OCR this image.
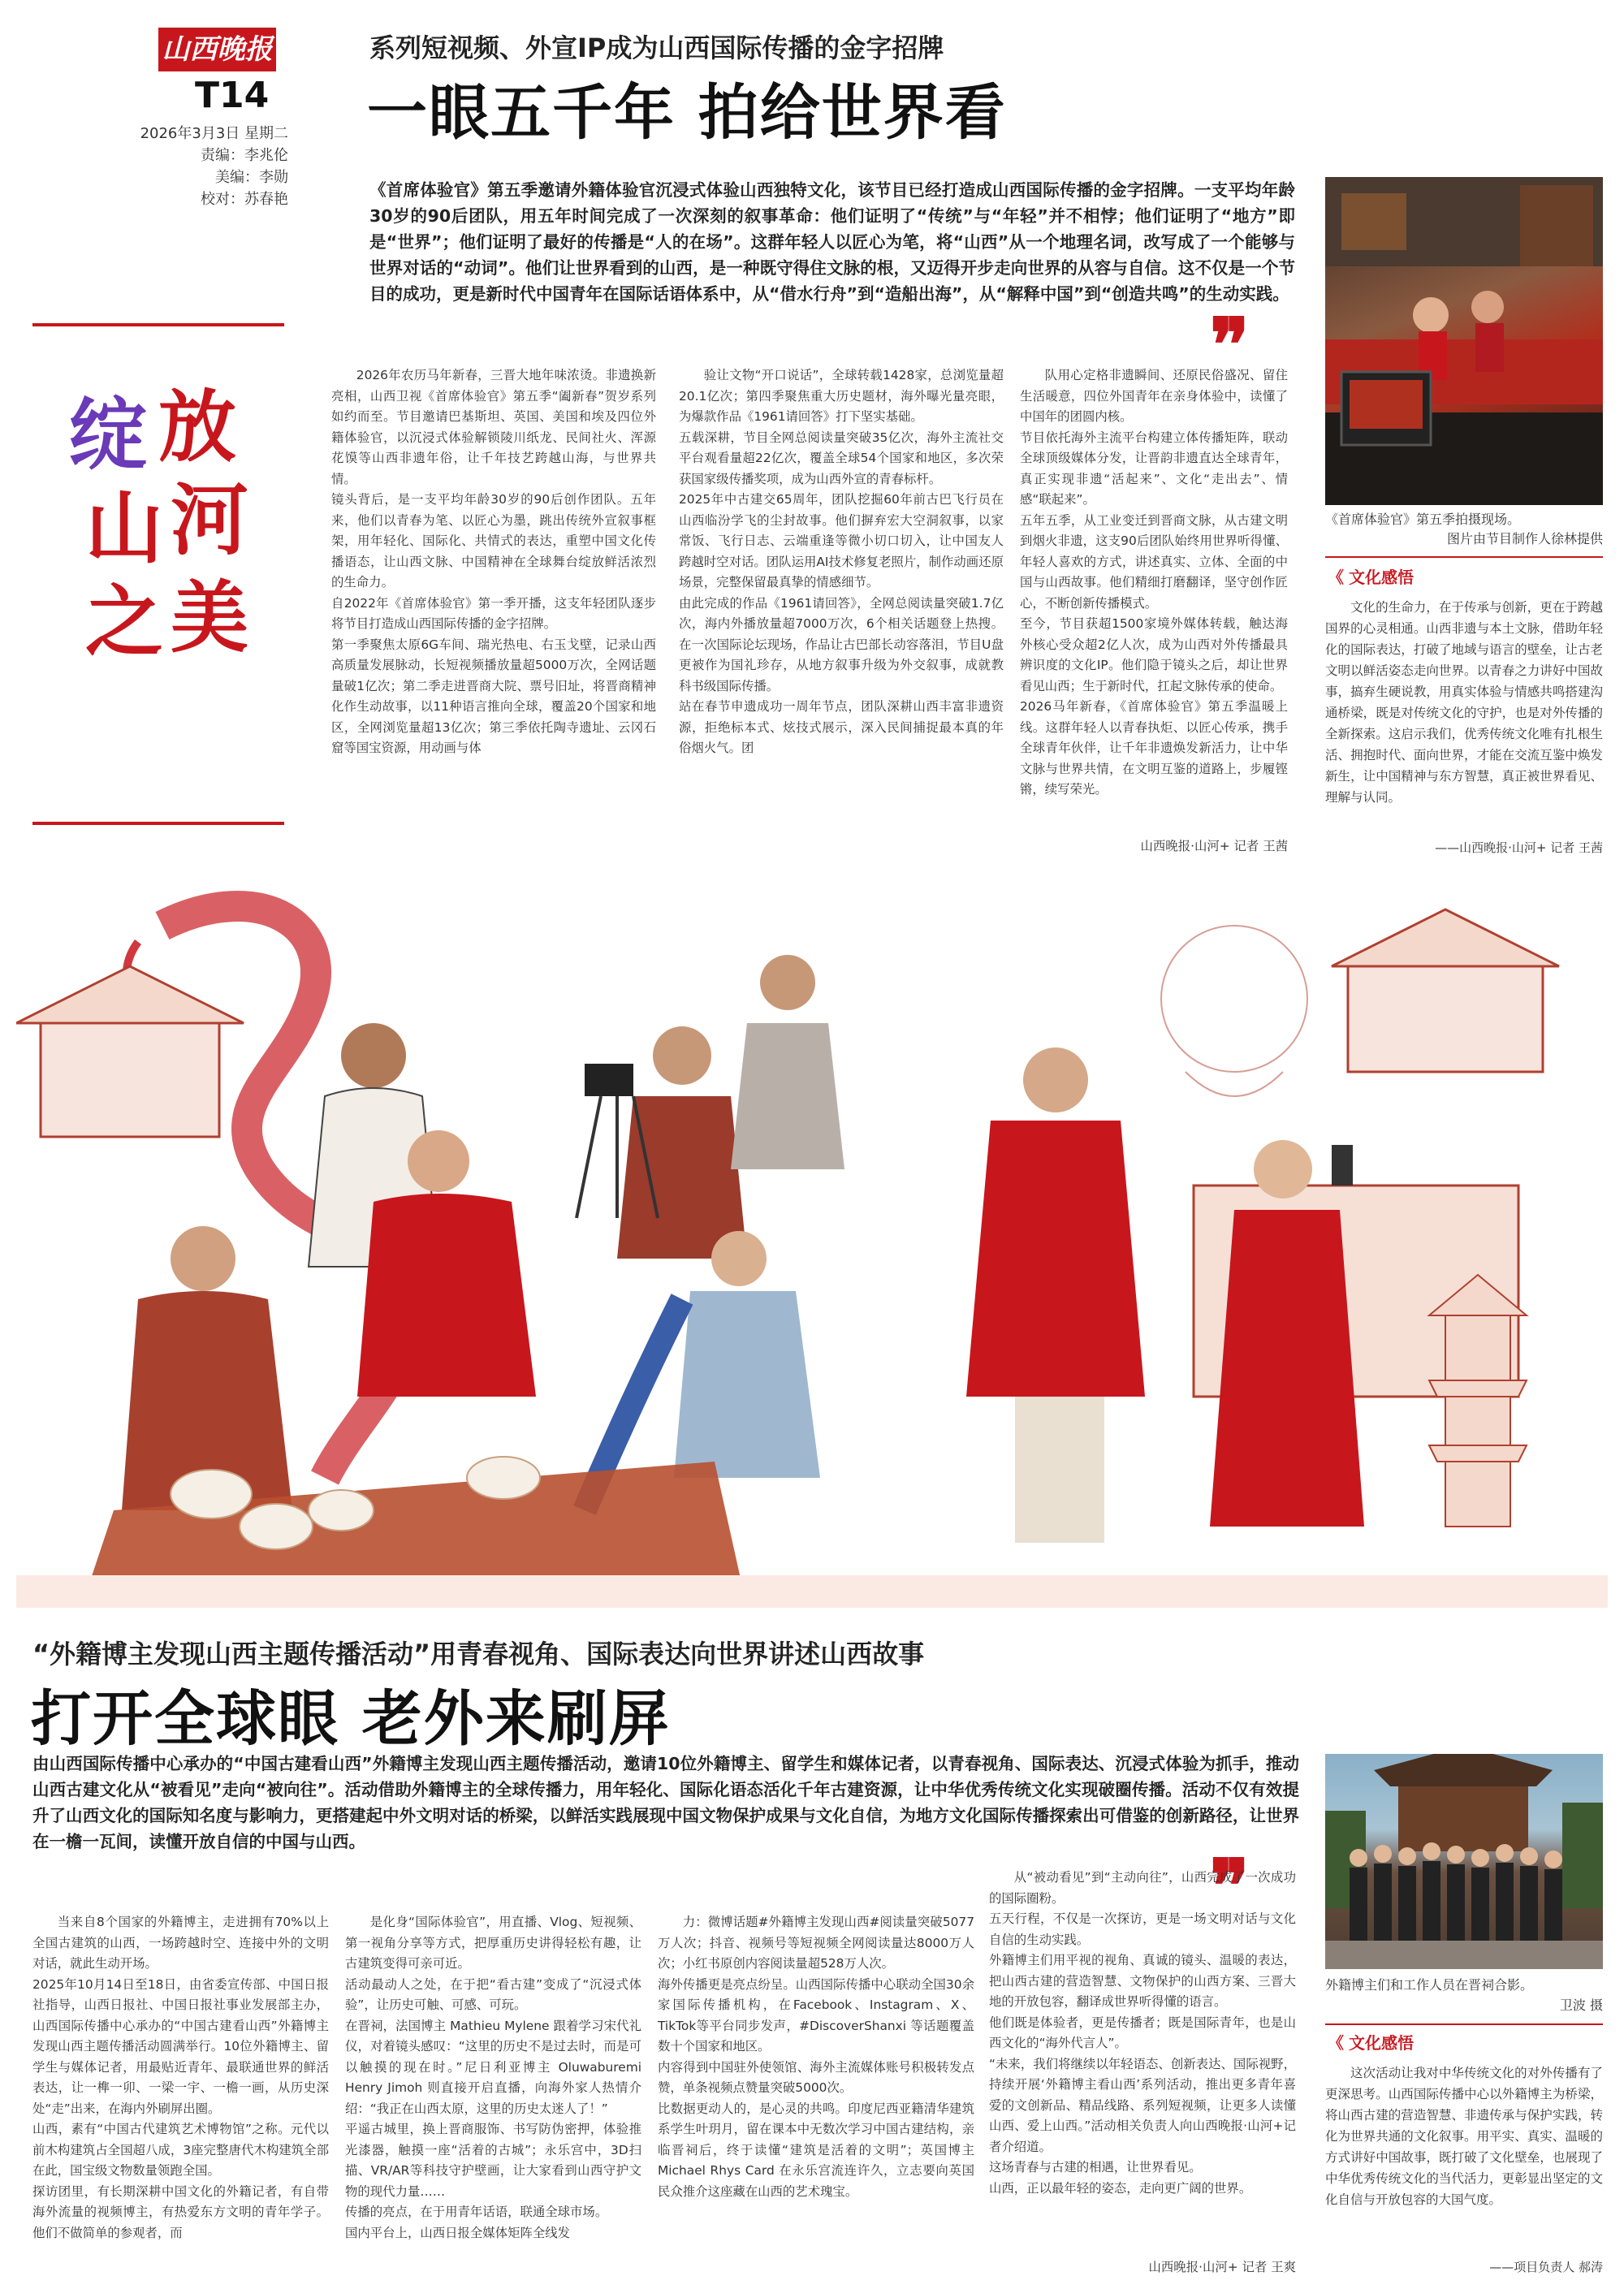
山西晚报
T14
2026年3月3日 星期二
责编：李兆伦
美编：李勋
校对：苏春艳
绽 放
山 河
之 美
系列短视频、外宣IP成为山西国际传播的金字招牌
一眼五千年 拍给世界看
《首席体验官》第五季邀请外籍体验官沉浸式体验山西独特文化，该节目已经打造成山西国际传播的金字招牌。一支平均年龄30岁的90后团队，用五年时间完成了一次深刻的叙事革命：他们证明了“传统”与“年轻”并不相悖；他们证明了“地方”即是“世界”；他们证明了最好的传播是“人的在场”。这群年轻人以匠心为笔，将“山西”从一个地理名词，改写成了一个能够与世界对话的“动词”。他们让世界看到的山西，是一种既守得住文脉的根，又迈得开步走向世界的从容与自信。这不仅是一个节目的成功，更是新时代中国青年在国际话语体系中，从“借水行舟”到“造船出海”，从“解释中国”到“创造共鸣”的生动实践。
❞

2026年农历马年新春，三晋大地年味浓烫。非遗换新亮相，山西卫视《首席体验官》第五季“阖新春”贺岁系列如约而至。节目邀请巴基斯坦、英国、美国和埃及四位外籍体验官，以沉浸式体验解锁陵川纸龙、民间社火、浑源花馍等山西非遗年俗，让千年技艺跨越山海，与世界共情。
镜头背后，是一支平均年龄30岁的90后创作团队。五年来，他们以青春为笔、以匠心为墨，跳出传统外宣叙事框架，用年轻化、国际化、共情式的表达，重塑中国文化传播语态，让山西文脉、中国精神在全球舞台绽放鲜活浓烈的生命力。
自2022年《首席体验官》第一季开播，这支年轻团队逐步将节目打造成山西国际传播的金字招牌。
第一季聚焦太原6G车间、瑞光热电、右玉戈壁，记录山西高质量发展脉动，长短视频播放量超5000万次，全网话题量破1亿次；第二季走进晋商大院、票号旧址，将晋商精神化作生动故事，以11种语言推向全球，覆盖20个国家和地区，全网浏览量超13亿次；第三季依托陶寺遗址、云冈石窟等国宝资源，用动画与体

验让文物“开口说话”，全球转载1428家，总浏览量超20.1亿次；第四季聚焦重大历史题材，海外曝光量亮眼，为爆款作品《1961请回答》打下坚实基础。
五载深耕，节目全网总阅读量突破35亿次，海外主流社交平台观看量超22亿次，覆盖全球54个国家和地区，多次荣获国家级传播奖项，成为山西外宣的青春标杆。
2025年中古建交65周年，团队挖掘60年前古巴飞行员在山西临汾学飞的尘封故事。他们摒弃宏大空洞叙事，以家常饭、飞行日志、云端重逢等微小切口切入，让中国友人跨越时空对话。团队运用AI技术修复老照片，制作动画还原场景，完整保留最真挚的情感细节。
由此完成的作品《1961请回答》，全网总阅读量突破1.7亿次，海内外播放量超7000万次，6个相关话题登上热搜。在一次国际论坛现场，作品让古巴部长动容落泪，节目U盘更被作为国礼珍存，从地方叙事升级为外交叙事，成就教科书级国际传播。
站在春节申遗成功一周年节点，团队深耕山西丰富非遗资源，拒绝标本式、炫技式展示，深入民间捕捉最本真的年俗烟火气。团

队用心定格非遗瞬间、还原民俗盛况、留住生活暖意，四位外国青年在亲身体验中，读懂了中国年的团圆内核。
节目依托海外主流平台构建立体传播矩阵，联动全球顶级媒体分发，让晋韵非遗直达全球青年，真正实现非遗“活起来”、文化“走出去”、情感“联起来”。
五年五季，从工业变迁到晋商文脉，从古建文明到烟火非遗，这支90后团队始终用世界听得懂、年轻人喜欢的方式，讲述真实、立体、全面的中国与山西故事。他们精细打磨翻译，坚守创作匠心，不断创新传播模式。
至今，节目获超1500家境外媒体转载，触达海外核心受众超2亿人次，成为山西对外传播最具辨识度的文化IP。他们隐于镜头之后，却让世界看见山西；生于新时代，扛起文脉传承的使命。
2026马年新春，《首席体验官》第五季温暖上线。这群年轻人以青春执炬、以匠心传承，携手全球青年伙伴，让千年非遗焕发新活力，让中华文脉与世界共情，在文明互鉴的道路上，步履铿锵，续写荣光。

山西晚报·山河+ 记者 王茜
《首席体验官》第五季拍摄现场。
图片由节目制作人徐林提供
《 文化感悟
文化的生命力，在于传承与创新，更在于跨越国界的心灵相通。山西非遗与本土文脉，借助年轻化的国际表达，打破了地域与语言的壁垒，让古老文明以鲜活姿态走向世界。以青春之力讲好中国故事，搞弃生硬说教，用真实体验与情感共鸣搭建沟通桥梁，既是对传统文化的守护，也是对外传播的全新探索。这启示我们，优秀传统文化唯有扎根生活、拥抱时代、面向世界，才能在交流互鉴中焕发新生，让中国精神与东方智慧，真正被世界看见、理解与认同。
——山西晚报·山河+ 记者 王茜
“外籍博主发现山西主题传播活动”用青春视角、国际表达向世界讲述山西故事
打开全球眼 老外来刷屏
由山西国际传播中心承办的“中国古建看山西”外籍博主发现山西主题传播活动，邀请10位外籍博主、留学生和媒体记者，以青春视角、国际表达、沉浸式体验为抓手，推动山西古建文化从“被看见”走向“被向往”。活动借助外籍博主的全球传播力，用年轻化、国际化语态活化千年古建资源，让中华优秀传统文化实现破圈传播。活动不仅有效提升了山西文化的国际知名度与影响力，更搭建起中外文明对话的桥梁，以鲜活实践展现中国文物保护成果与文化自信，为地方文化国际传播探索出可借鉴的创新路径，让世界在一檐一瓦间，读懂开放自信的中国与山西。
❞

当来自8个国家的外籍博主，走进拥有70%以上全国古建筑的山西，一场跨越时空、连接中外的文明对话，就此生动开场。
2025年10月14日至18日，由省委宣传部、中国日报社指导，山西日报社、中国日报社事业发展部主办，山西国际传播中心承办的“中国古建看山西”外籍博主发现山西主题传播活动圆满举行。10位外籍博主、留学生与媒体记者，用最贴近青年、最联通世界的鲜活表达，让一榫一卯、一梁一宇、一檐一画，从历史深处“走”出来，在海内外刷屏出圈。
山西，素有“中国古代建筑艺术博物馆”之称。元代以前木构建筑占全国超八成，3座完整唐代木构建筑全部在此，国宝级文物数量领跑全国。
探访团里，有长期深耕中国文化的外籍记者，有自带海外流量的视频博主，有热爱东方文明的青年学子。他们不做简单的参观者，而

是化身“国际体验官”，用直播、Vlog、短视频、第一视角分享等方式，把厚重历史讲得轻松有趣，让古建筑变得可亲可近。
活动最动人之处，在于把“看古建”变成了“沉浸式体验”，让历史可触、可感、可玩。
在晋祠，法国博主 Mathieu Mylene 跟着学习宋代礼仪，对着镜头感叹：“这里的历史不是过去时，而是可以触摸的现在时。”尼日利亚博主 Oluwaburemi Henry Jimoh 则直接开启直播，向海外家人热情介绍：“我正在山西太原，这里的历史太迷人了！”
平遥古城里，换上晋商服饰、书写防伪密押，体验推光漆器，触摸一座“活着的古城”；永乐宫中，3D扫描、VR/AR等科技守护壁画，让大家看到山西守护文物的现代力量……
传播的亮点，在于用青年话语，联通全球市场。
国内平台上，山西日报全媒体矩阵全线发

力：微博话题#外籍博主发现山西#阅读量突破5077万人次；抖音、视频号等短视频全网阅读量达8000万人次；小红书原创内容阅读量超528万人次。
海外传播更是亮点纷呈。山西国际传播中心联动全国30余家国际传播机构，在Facebook、Instagram、X、TikTok等平台同步发声，#DiscoverShanxi 等话题覆盖数十个国家和地区。
内容得到中国驻外使领馆、海外主流媒体账号积极转发点赞，单条视频点赞量突破5000次。
比数据更动人的，是心灵的共鸣。印度尼西亚籍清华建筑系学生叶玥月，留在课本中无数次学习中国古建结构，亲临晋祠后，终于读懂“建筑是活着的文明”；英国博主 Michael Rhys Card 在永乐宫流连许久，立志要向英国民众推介这座藏在山西的艺术瑰宝。

从“被动看见”到“主动向往”，山西完成了一次成功的国际圈粉。
五天行程，不仅是一次探访，更是一场文明对话与文化自信的生动实践。
外籍博主们用平视的视角、真诚的镜头、温暖的表达，把山西古建的营造智慧、文物保护的山西方案、三晋大地的开放包容，翻译成世界听得懂的语言。
他们既是体验者，更是传播者；既是国际青年，也是山西文化的“海外代言人”。
“未来，我们将继续以年轻语态、创新表达、国际视野，持续开展‘外籍博主看山西’系列活动，推出更多青年喜爱的文创新品、精品线路、系列短视频，让更多人读懂山西、爱上山西。”活动相关负责人向山西晚报·山河+记者介绍道。
这场青春与古建的相遇，让世界看见。
山西，正以最年轻的姿态，走向更广阔的世界。

山西晚报·山河+ 记者 王爽
外籍博主们和工作人员在晋祠合影。
卫波 摄
《 文化感悟
这次活动让我对中华传统文化的对外传播有了更深思考。山西国际传播中心以外籍博主为桥梁，将山西古建的营造智慧、非遗传承与保护实践，转化为世界共通的文化叙事。用平实、真实、温暖的方式讲好中国故事，既打破了文化壁垒，也展现了中华优秀传统文化的当代活力，更彰显出坚定的文化自信与开放包容的大国气度。
——项目负责人 郝涛
